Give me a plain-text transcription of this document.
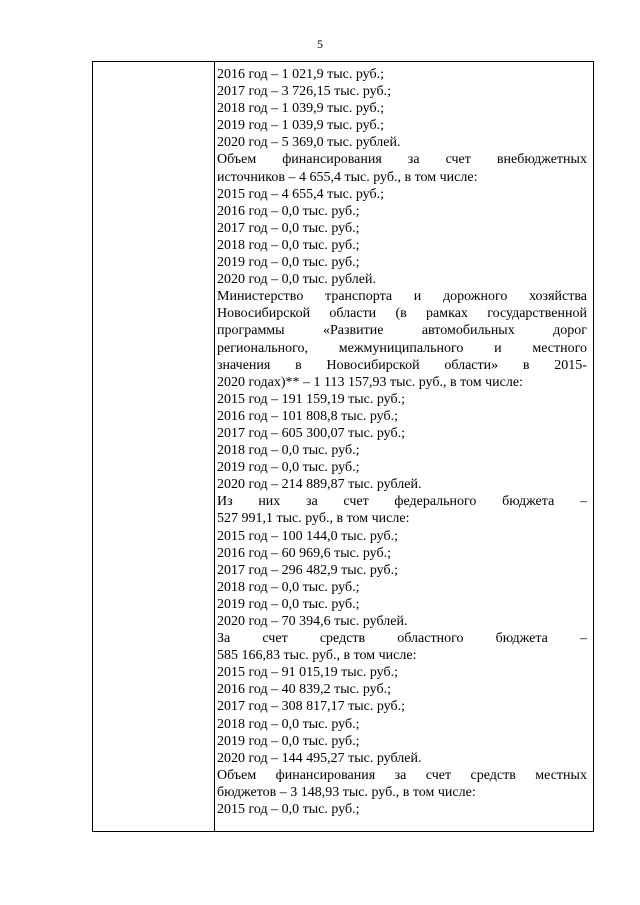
5
2016 год – 1 021,9 тыс. руб.;
2017 год – 3 726,15 тыс. руб.;
2018 год – 1 039,9 тыс. руб.;
2019 год – 1 039,9 тыс. руб.;
2020 год – 5 369,0 тыс. рублей.
Объем финансирования за счет внебюджетных
источников – 4 655,4 тыс. руб., в том числе:
2015 год – 4 655,4 тыс. руб.;
2016 год – 0,0 тыс. руб.;
2017 год – 0,0 тыс. руб.;
2018 год – 0,0 тыс. руб.;
2019 год – 0,0 тыс. руб.;
2020 год – 0,0 тыс. рублей.
Министерство транспорта и дорожного хозяйства
Новосибирской области (в рамках государственной
программы	«Развитие	автомобильных	дорог
регионального, межмуниципального и местного
значения в Новосибирской области» в 2015-
2020 годах)** – 1 113 157,93 тыс. руб., в том числе:
2015 год – 191 159,19 тыс. руб.;
2016 год – 101 808,8 тыс. руб.;
2017 год – 605 300,07 тыс. руб.;
2018 год – 0,0 тыс. руб.;
2019 год – 0,0 тыс. руб.;
2020 год – 214 889,87 тыс. рублей.
Из них за счет федерального бюджета –
527 991,1 тыс. руб., в том числе:
2015 год – 100 144,0 тыс. руб.;
2016 год – 60 969,6 тыс. руб.;
2017 год – 296 482,9 тыс. руб.;
2018 год – 0,0 тыс. руб.;
2019 год – 0,0 тыс. руб.;
2020 год – 70 394,6 тыс. рублей.
За счет средств областного бюджета –
585 166,83 тыс. руб., в том числе:
2015 год – 91 015,19 тыс. руб.;
2016 год – 40 839,2 тыс. руб.;
2017 год – 308 817,17 тыс. руб.;
2018 год – 0,0 тыс. руб.;
2019 год – 0,0 тыс. руб.;
2020 год – 144 495,27 тыс. рублей.
Объем финансирования за счет средств местных
бюджетов – 3 148,93 тыс. руб., в том числе:
2015 год – 0,0 тыс. руб.;
